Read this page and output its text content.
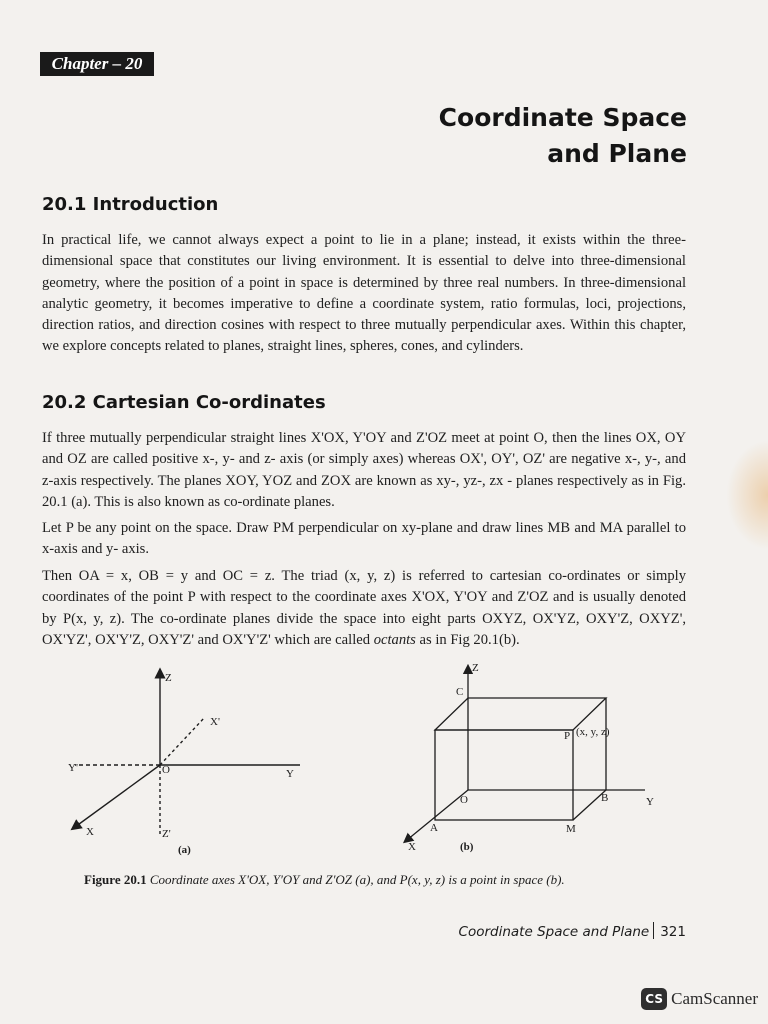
Chapter – 20
Coordinate Space
and Plane
20.1 Introduction

In practical life, we cannot always expect a point to lie in a plane; instead, it exists within the three-dimensional space that constitutes our living environment. It is essential to delve into three-dimensional geometry, where the position of a point in space is determined by three real numbers. In three-dimensional analytic geometry, it becomes imperative to define a coordinate system, ratio formulas, loci, projections, direction ratios, and direction cosines with respect to three mutually perpendicular axes. Within this chapter, we explore concepts related to planes, straight lines, spheres, cones, and cylinders.

20.2 Cartesian Co-ordinates

If three mutually perpendicular straight lines X'OX, Y'OY and Z'OZ meet at point O, then the lines OX, OY and OZ are called positive x-, y- and z- axis (or simply axes) whereas OX', OY', OZ' are negative x-, y-, and z-axis respectively. The planes XOY, YOZ and ZOX are known as xy-, yz-, zx - planes respectively as in Fig. 20.1 (a). This is also known as co-ordinate planes.

Let P be any point on the space. Draw PM perpendicular on xy-plane and draw lines MB and MA parallel to x-axis and y- axis.

Then OA = x, OB = y and OC = z. The triad (x, y, z) is referred to cartesian co-ordinates or simply coordinates of the point P with respect to the coordinate axes X'OX, Y'OY and Z'OZ and is usually denoted by P(x, y, z). The co-ordinate planes divide the space into eight parts OXYZ, OX'YZ, OXY'Z, OXYZ', OX'YZ', OX'Y'Z, OXY'Z' and OX'Y'Z' which are called octants as in Fig 20.1(b).

Z
X'
Y'	O	Y
X	Z'
(a)
Z
C
P (x, y, z)
O	B	Y
A	M
X	(b)
Figure 20.1 Coordinate axes X'OX, Y'OY and Z'OZ (a), and P(x, y, z) is a point in space (b).
Coordinate Space and Plane 321
CS CamScanner
